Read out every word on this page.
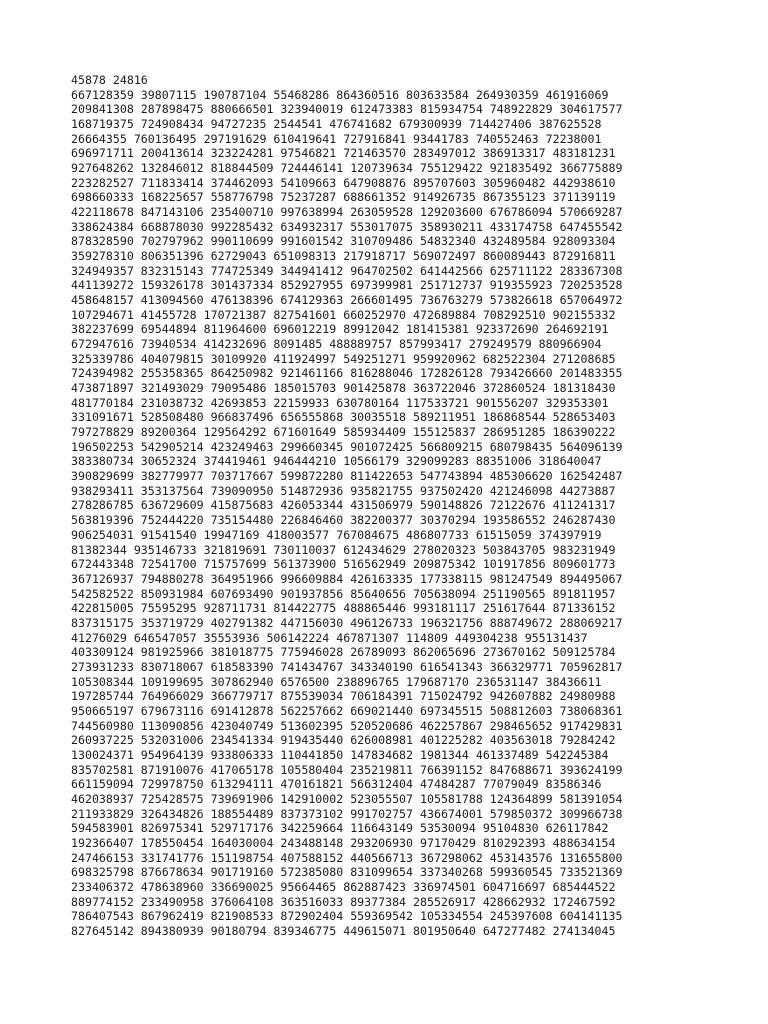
45878 24816
667128359 39807115 190787104 55468286 864360516 803633584 264930359 461916069
209841308 287898475 880666501 323940019 612473383 815934754 748922829 304617577
168719375 724908434 94727235 2544541 476741682 679300939 714427406 387625528
26664355 760136495 297191629 610419641 727916841 93441783 740552463 72238001
696971711 200413614 323224281 97546821 721463570 283497012 386913317 483181231
927648262 132846012 818844509 724446141 120739634 755129422 921835492 366775889
223282527 711833414 374462093 54109663 647908876 895707603 305960482 442938610
698660333 168225657 558776798 75237287 688661352 914926735 867355123 371139119
422118678 847143106 235400710 997638994 263059528 129203600 676786094 570669287
338624384 668878030 992285432 634932317 553017075 358930211 433174758 647455542
878328590 702797962 990110699 991601542 310709486 54832340 432489584 928093304
359278310 806351396 62729043 651098313 217918717 569072497 860089443 872916811
324949357 832315143 774725349 344941412 964702502 641442566 625711122 283367308
441139272 159326178 301437334 852927955 697399981 251712737 919355923 720253528
458648157 413094560 476138396 674129363 266601495 736763279 573826618 657064972
107294671 41455728 170721387 827541601 660252970 472689884 708292510 902155332
382237699 69544894 811964600 696012219 89912042 181415381 923372690 264692191
672947616 73940534 414232696 8091485 488889757 857993417 279249579 880966904
325339786 404079815 30109920 411924997 549251271 959920962 682522304 271208685
724394982 255358365 864250982 921461166 816288046 172826128 793426660 201483355
473871897 321493029 79095486 185015703 901425878 363722046 372860524 181318430
481770184 231038732 42693853 22159933 630780164 117533721 901556207 329353301
331091671 528508480 966837496 656555868 30035518 589211951 186868544 528653403
797278829 89200364 129564292 671601649 585934409 155125837 286951285 186390222
196502253 542905214 423249463 299660345 901072425 566809215 680798435 564096139
383380734 30652324 374419461 946444210 10566179 329099283 88351006 318640047
390829699 382779977 703717667 599872280 811422653 547743894 485306620 162542487
938293411 353137564 739090950 514872936 935821755 937502420 421246098 44273887
278286785 636729609 415875683 426053344 431506979 590148826 72122676 411241317
563819396 752444220 735154480 226846460 382200377 30370294 193586552 246287430
906254031 91541540 19947169 418003577 767084675 486807733 61515059 374397919
81382344 935146733 321819691 730110037 612434629 278020323 503843705 983231949
672443348 72541700 715757699 561373900 516562949 209875342 101917856 809601773
367126937 794880278 364951966 996609884 426163335 177338115 981247549 894495067
542582522 850931984 607693490 901937856 85640656 705638094 251190565 891811957
422815005 75595295 928711731 814422775 488865446 993181117 251617644 871336152
837315175 353719729 402791382 447156030 496126733 196321756 888749672 288069217
41276029 646547057 35553936 506142224 467871307 114809 449304238 955131437
403309124 981925966 381018775 775946028 26789093 862065696 273670162 509125784
273931233 830718067 618583390 741434767 343340190 616541343 366329771 705962817
105308344 109199695 307862940 6576500 238896765 179687170 236531147 38436611
197285744 764966029 366779717 875539034 706184391 715024792 942607882 24980988
950665197 679673116 691412878 562257662 669021440 697345515 508812603 738068361
744560980 113090856 423040749 513602395 520520686 462257867 298465652 917429831
260937225 532031006 234541334 919435440 626008981 401225282 403563018 79284242
130024371 954964139 933806333 110441850 147834682 1981344 461337489 542245384
835702581 871910076 417065178 105580404 235219811 766391152 847688671 393624199
661159094 729978750 613294111 470161821 566312404 47484287 77079049 83586346
462038937 725428575 739691906 142910002 523055507 105581788 124364899 581391054
211933829 326434826 188554489 837373102 991702757 436674001 579850372 309966738
594583901 826975341 529717176 342259664 116643149 53530094 95104830 626117842
192366407 178550454 164030004 243488148 293206930 97170429 810292393 488634154
247466153 331741776 151198754 407588152 440566713 367298062 453143576 131655800
698325798 876678634 901719160 572385080 831099654 337340268 599360545 733521369
233406372 478638960 336690025 95664465 862887423 336974501 604716697 685444522
889774152 233490958 376064108 363516033 89377384 285526917 428662932 172467592
786407543 867962419 821908533 872902404 559369542 105334554 245397608 604141135
827645142 894380939 90180794 839346775 449615071 801950640 647277482 274134045
